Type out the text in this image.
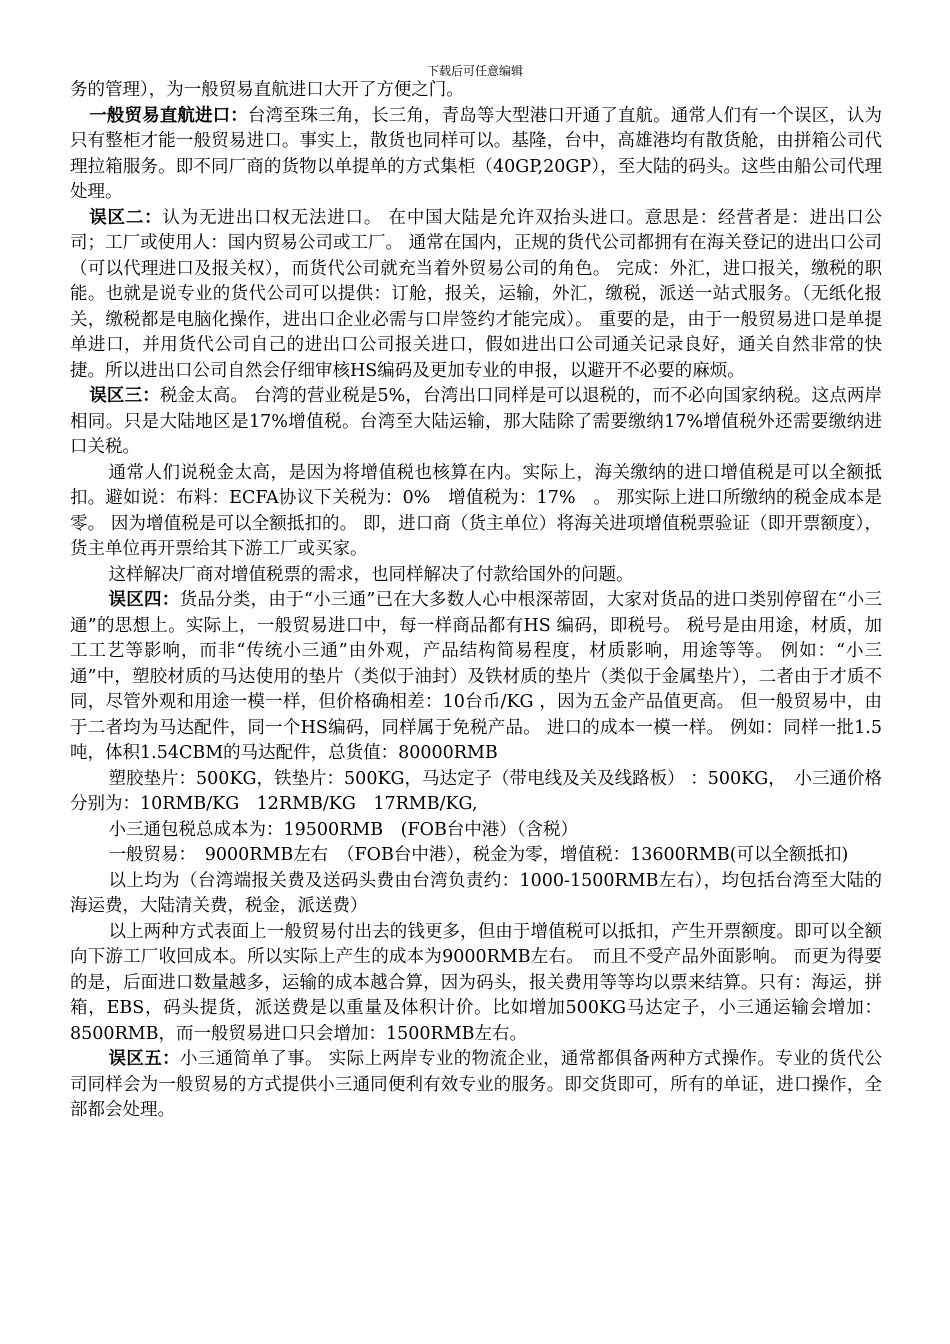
下载后可任意编辑

务的管理），为一般贸易直航进口大开了方便之门。

一般贸易直航进口：台湾至珠三角，长三角，青岛等大型港口开通了直航。通常人们有一个误区，认为只有整柜才能一般贸易进口。事实上，散货也同样可以。基隆，台中，高雄港均有散货舱，由拼箱公司代理拉箱服务。即不同厂商的货物以单提单的方式集柜（40GP,20GP），至大陆的码头。这些由船公司代理处理。

误区二：认为无进出口权无法进口。 在中国大陆是允许双抬头进口。意思是：经营者是：进出口公司；工厂或使用人：国内贸易公司或工厂。 通常在国内，正规的货代公司都拥有在海关登记的进出口公司（可以代理进口及报关权），而货代公司就充当着外贸易公司的角色。 完成：外汇，进口报关，缴税的职能。也就是说专业的货代公司可以提供：订舱，报关，运输，外汇，缴税，派送一站式服务。（无纸化报关，缴税都是电脑化操作，进出口企业必需与口岸签约才能完成）。 重要的是，由于一般贸易进口是单提单进口，并用货代公司自己的进出口公司报关进口，假如进出口公司通关记录良好，通关自然非常的快捷。所以进出口公司自然会仔细审核HS编码及更加专业的申报，以避开不必要的麻烦。

误区三：税金太高。 台湾的营业税是5%，台湾出口同样是可以退税的，而不必向国家纳税。这点两岸相同。只是大陆地区是17%增值税。台湾至大陆运输，那大陆除了需要缴纳17%增值税外还需要缴纳进口关税。

通常人们说税金太高，是因为将增值税也核算在内。实际上，海关缴纳的进口增值税是可以全额抵扣。避如说：布料：ECFA协议下关税为：0%　增值税为：17%　。 那实际上进口所缴纳的税金成本是零。 因为增值税是可以全额抵扣的。 即，进口商（货主单位）将海关进项增值税票验证（即开票额度），货主单位再开票给其下游工厂或买家。

这样解决厂商对增值税票的需求，也同样解决了付款给国外的问题。

误区四：货品分类，由于“小三通”已在大多数人心中根深蒂固，大家对货品的进口类别停留在“小三通”的思想上。实际上，一般贸易进口中，每一样商品都有HS 编码，即税号。 税号是由用途，材质，加工工艺等影响，而非“传统小三通”由外观，产品结构简易程度，材质影响，用途等等。 例如：“小三通”中，塑胶材质的马达使用的垫片（类似于油封）及铁材质的垫片（类似于金属垫片），二者由于才质不同，尽管外观和用途一模一样，但价格确相差：10台币/KG ，因为五金产品值更高。 但一般贸易中，由于二者均为马达配件，同一个HS编码，同样属于免税产品。 进口的成本一模一样。 例如：同样一批1.5吨，体积1.54CBM的马达配件，总货值：80000RMB

塑胶垫片：500KG，铁垫片：500KG，马达定子（带电线及关及线路板） ：500KG，　小三通价格分别为：10RMB/KG　12RMB/KG　17RMB/KG,

小三通包税总成本为：19500RMB　(FOB台中港）（含税）

一般贸易：　9000RMB左右　（FOB台中港），税金为零，增值税：13600RMB(可以全额抵扣)

以上均为（台湾端报关费及送码头费由台湾负责约：1000-1500RMB左右），均包括台湾至大陆的海运费，大陆清关费，税金，派送费）

以上两种方式表面上一般贸易付出去的钱更多，但由于增值税可以抵扣，产生开票额度。即可以全额向下游工厂收回成本。所以实际上产生的成本为9000RMB左右。　而且不受产品外面影响。 而更为得要的是，后面进口数量越多，运输的成本越合算，因为码头，报关费用等等均以票来结算。只有：海运，拼箱，EBS，码头提货，派送费是以重量及体积计价。比如增加500KG马达定子，小三通运输会增加：8500RMB，而一般贸易进口只会增加：1500RMB左右。

误区五：小三通简单了事。 实际上两岸专业的物流企业，通常都俱备两种方式操作。专业的货代公司同样会为一般贸易的方式提供小三通同便利有效专业的服务。即交货即可，所有的单证，进口操作，全部都会处理。
